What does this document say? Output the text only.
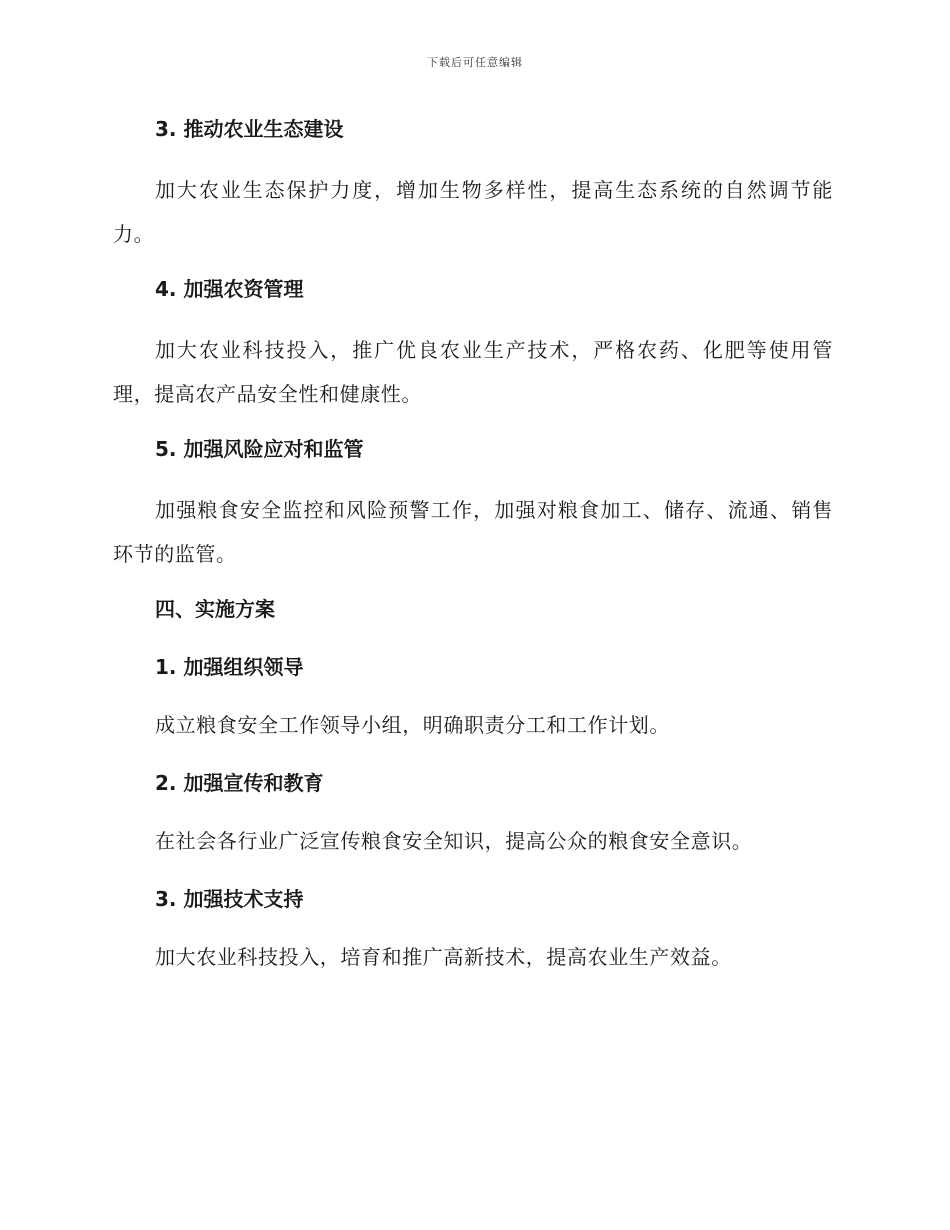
下载后可任意编辑
3. 推动农业生态建设
加大农业生态保护力度，增加生物多样性，提高生态系统的自然调节能力。
4. 加强农资管理
加大农业科技投入，推广优良农业生产技术，严格农药、化肥等使用管理，提高农产品安全性和健康性。
5. 加强风险应对和监管
加强粮食安全监控和风险预警工作，加强对粮食加工、储存、流通、销售环节的监管。
四、实施方案
1. 加强组织领导
成立粮食安全工作领导小组，明确职责分工和工作计划。
2. 加强宣传和教育
在社会各行业广泛宣传粮食安全知识，提高公众的粮食安全意识。
3. 加强技术支持
加大农业科技投入，培育和推广高新技术，提高农业生产效益。
